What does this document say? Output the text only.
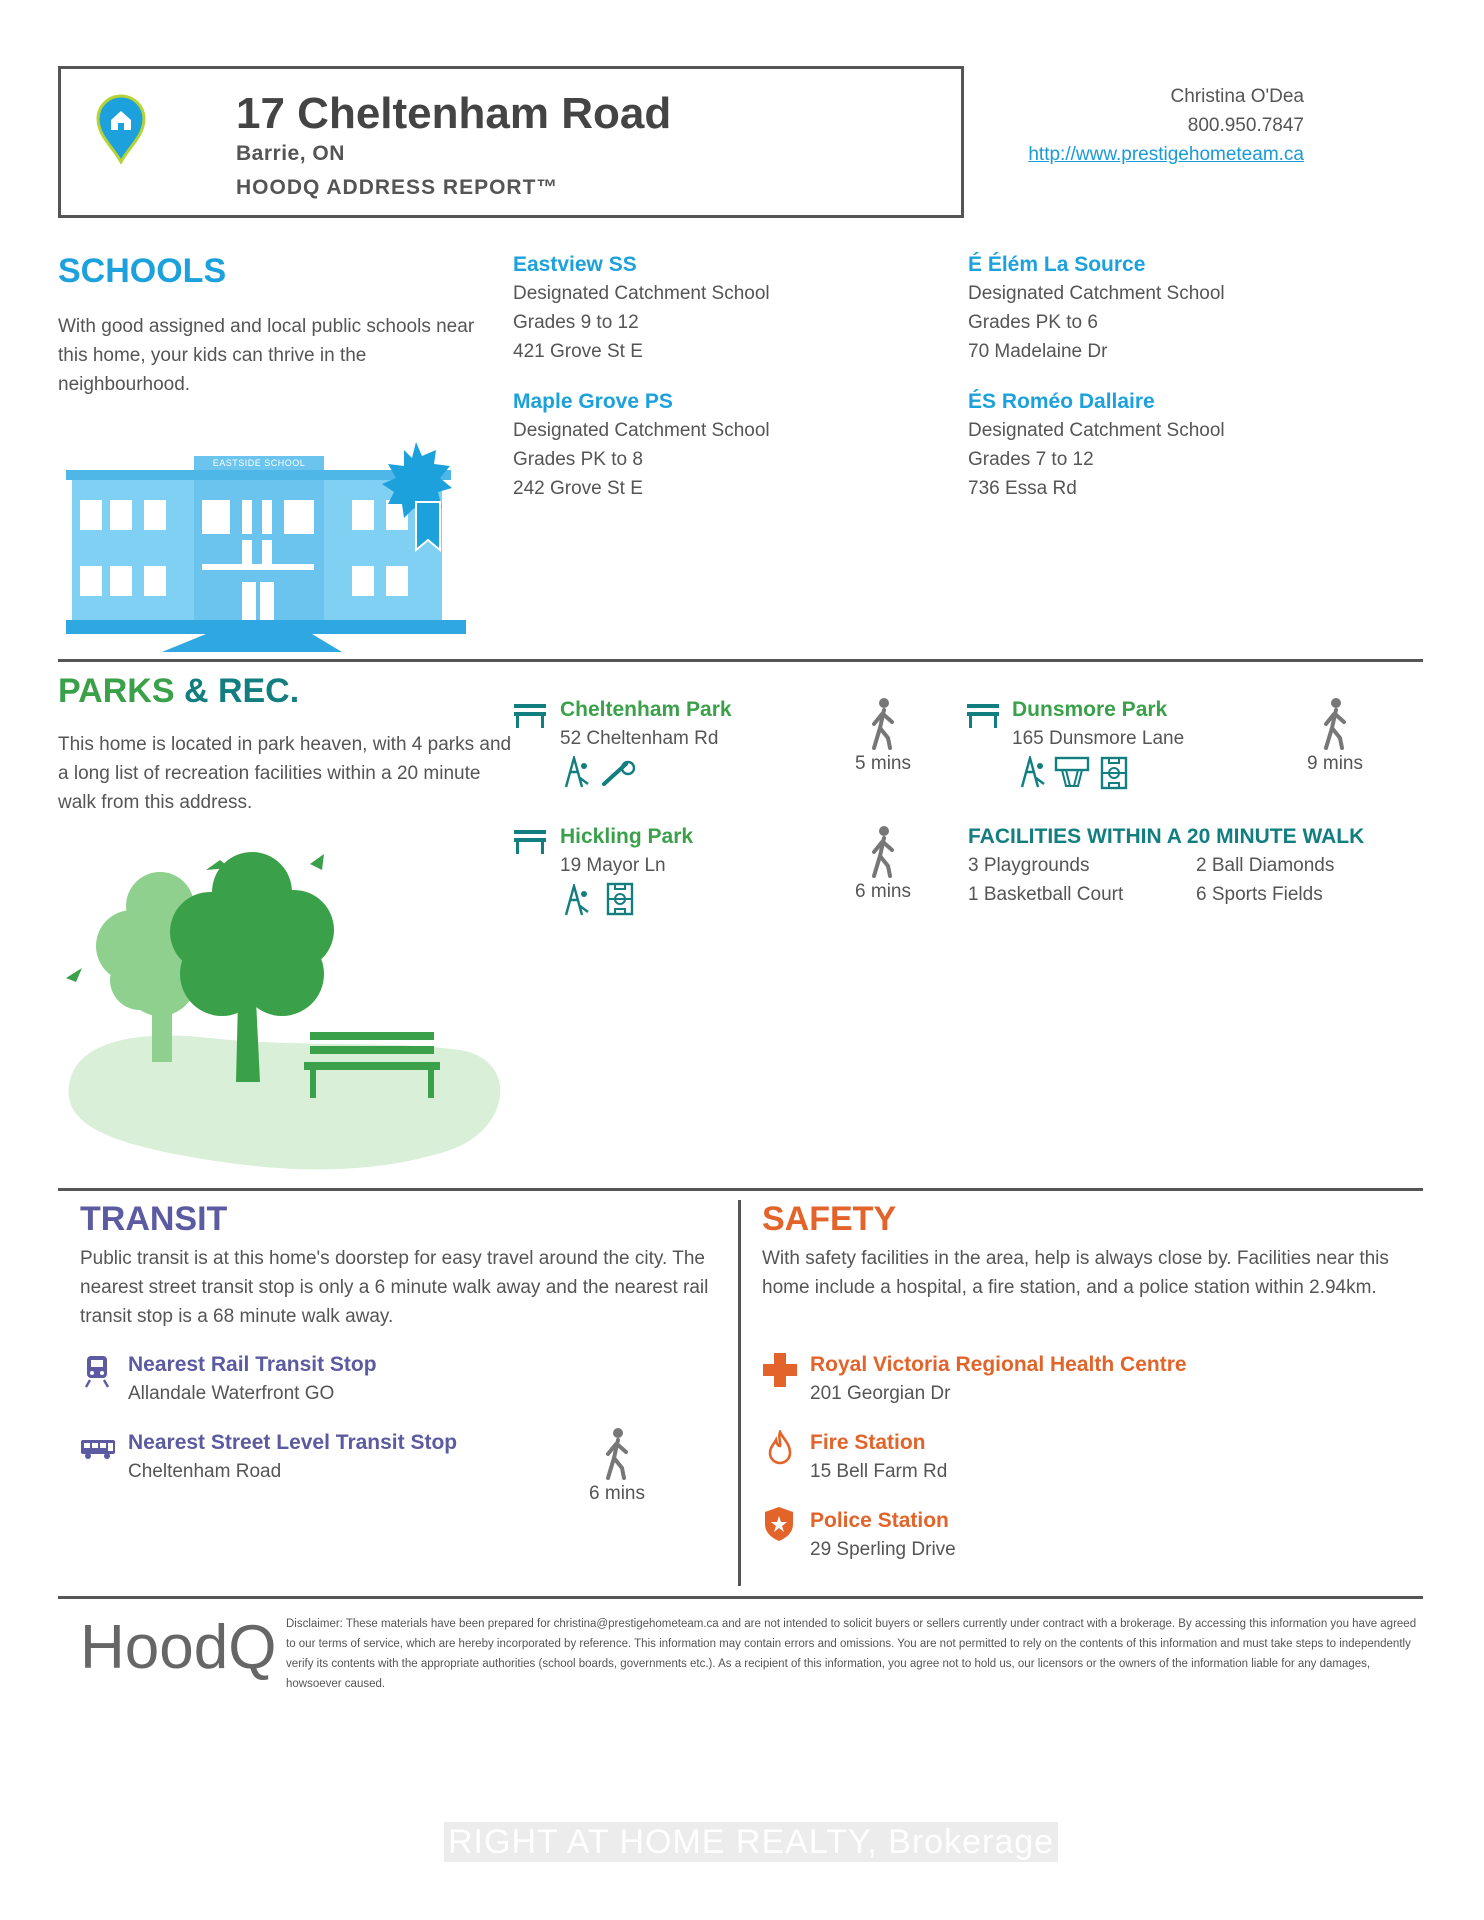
17 Cheltenham Road
Barrie, ON
HOODQ ADDRESS REPORT™
Christina O'Dea
800.950.7847
http://www.prestigehometeam.ca
SCHOOLS
With good assigned and local public schools near this home, your kids can thrive in the neighbourhood.
EASTSIDE SCHOOL
Eastview SS
Designated Catchment School
Grades 9 to 12
421 Grove St E
É Élém La Source
Designated Catchment School
Grades PK to 6
70 Madelaine Dr
Maple Grove PS
Designated Catchment School
Grades PK to 8
242 Grove St E
ÉS Roméo Dallaire
Designated Catchment School
Grades 7 to 12
736 Essa Rd
PARKS & REC.
This home is located in park heaven, with 4 parks and a long list of recreation facilities within a 20 minute walk from this address.
Cheltenham Park
52 Cheltenham Rd
5 mins
Dunsmore Park
165 Dunsmore Lane
9 mins
Hickling Park
19 Mayor Ln
6 mins
FACILITIES WITHIN A 20 MINUTE WALK
3 Playgrounds	2 Ball Diamonds
1 Basketball Court	6 Sports Fields
TRANSIT
Public transit is at this home's doorstep for easy travel around the city. The nearest street transit stop is only a 6 minute walk away and the nearest rail transit stop is a 68 minute walk away.
Nearest Rail Transit Stop
Allandale Waterfront GO
Nearest Street Level Transit Stop
Cheltenham Road
6 mins
SAFETY
With safety facilities in the area, help is always close by. Facilities near this home include a hospital, a fire station, and a police station within 2.94km.
Royal Victoria Regional Health Centre
201 Georgian Dr
Fire Station
15 Bell Farm Rd
Police Station
29 Sperling Drive
HoodQ Disclaimer: These materials have been prepared for christina@prestigehometeam.ca and are not intended to solicit buyers or sellers currently under contract with a brokerage. By accessing this information you have agreed to our terms of service, which are hereby incorporated by reference. This information may contain errors and omissions. You are not permitted to rely on the contents of this information and must take steps to independently verify its contents with the appropriate authorities (school boards, governments etc.). As a recipient of this information, you agree not to hold us, our licensors or the owners of the information liable for any damages, howsoever caused.
RIGHT AT HOME REALTY, Brokerage
